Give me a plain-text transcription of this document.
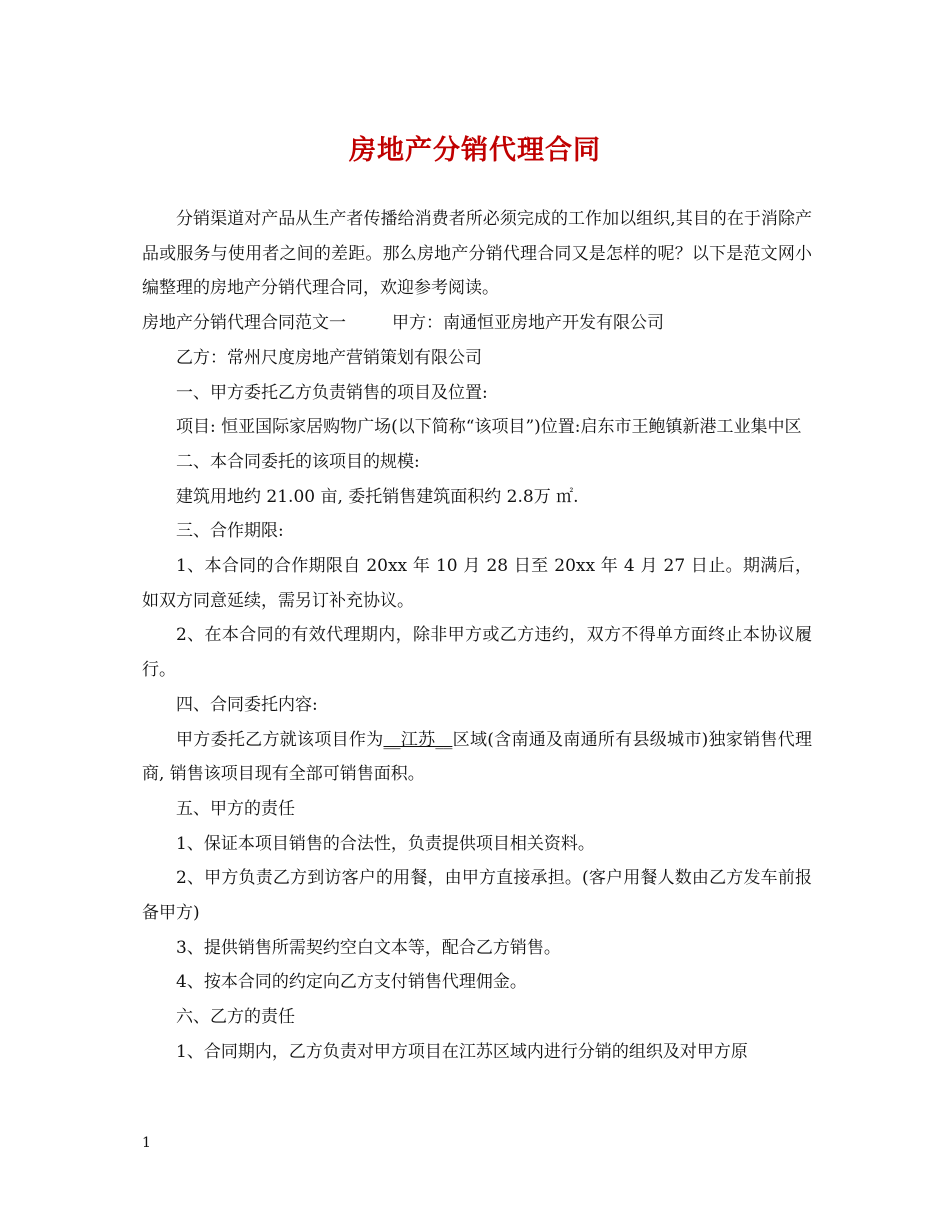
房地产分销代理合同

分销渠道对产品从生产者传播给消费者所必须完成的工作加以组织,其目的在于消除产品或服务与使用者之间的差距。那么房地产分销代理合同又是怎样的呢？以下是范文网小编整理的房地产分销代理合同，欢迎参考阅读。

房地产分销代理合同范文一	甲方：南通恒亚房地产开发有限公司

乙方：常州尺度房地产营销策划有限公司

一、甲方委托乙方负责销售的项目及位置:

项目: 恒亚国际家居购物广场(以下简称“该项目”)位置:启东市王鲍镇新港工业集中区

二、本合同委托的该项目的规模:

建筑用地约 21.00 亩, 委托销售建筑面积约 2.8万 ㎡.

三、合作期限:

1、本合同的合作期限自 20xx 年 10 月 28 日至 20xx 年 4 月 27 日止。期满后，如双方同意延续，需另订补充协议。

2、在本合同的有效代理期内，除非甲方或乙方违约，双方不得单方面终止本协议履行。

四、合同委托内容:

甲方委托乙方就该项目作为__江苏__区域(含南通及南通所有县级城市)独家销售代理商, 销售该项目现有全部可销售面积。

五、甲方的责任

1、保证本项目销售的合法性，负责提供项目相关资料。

2、甲方负责乙方到访客户的用餐，由甲方直接承担。(客户用餐人数由乙方发车前报备甲方)

3、提供销售所需契约空白文本等，配合乙方销售。

4、按本合同的约定向乙方支付销售代理佣金。

六、乙方的责任

1、合同期内，乙方负责对甲方项目在江苏区域内进行分销的组织及对甲方原

1
